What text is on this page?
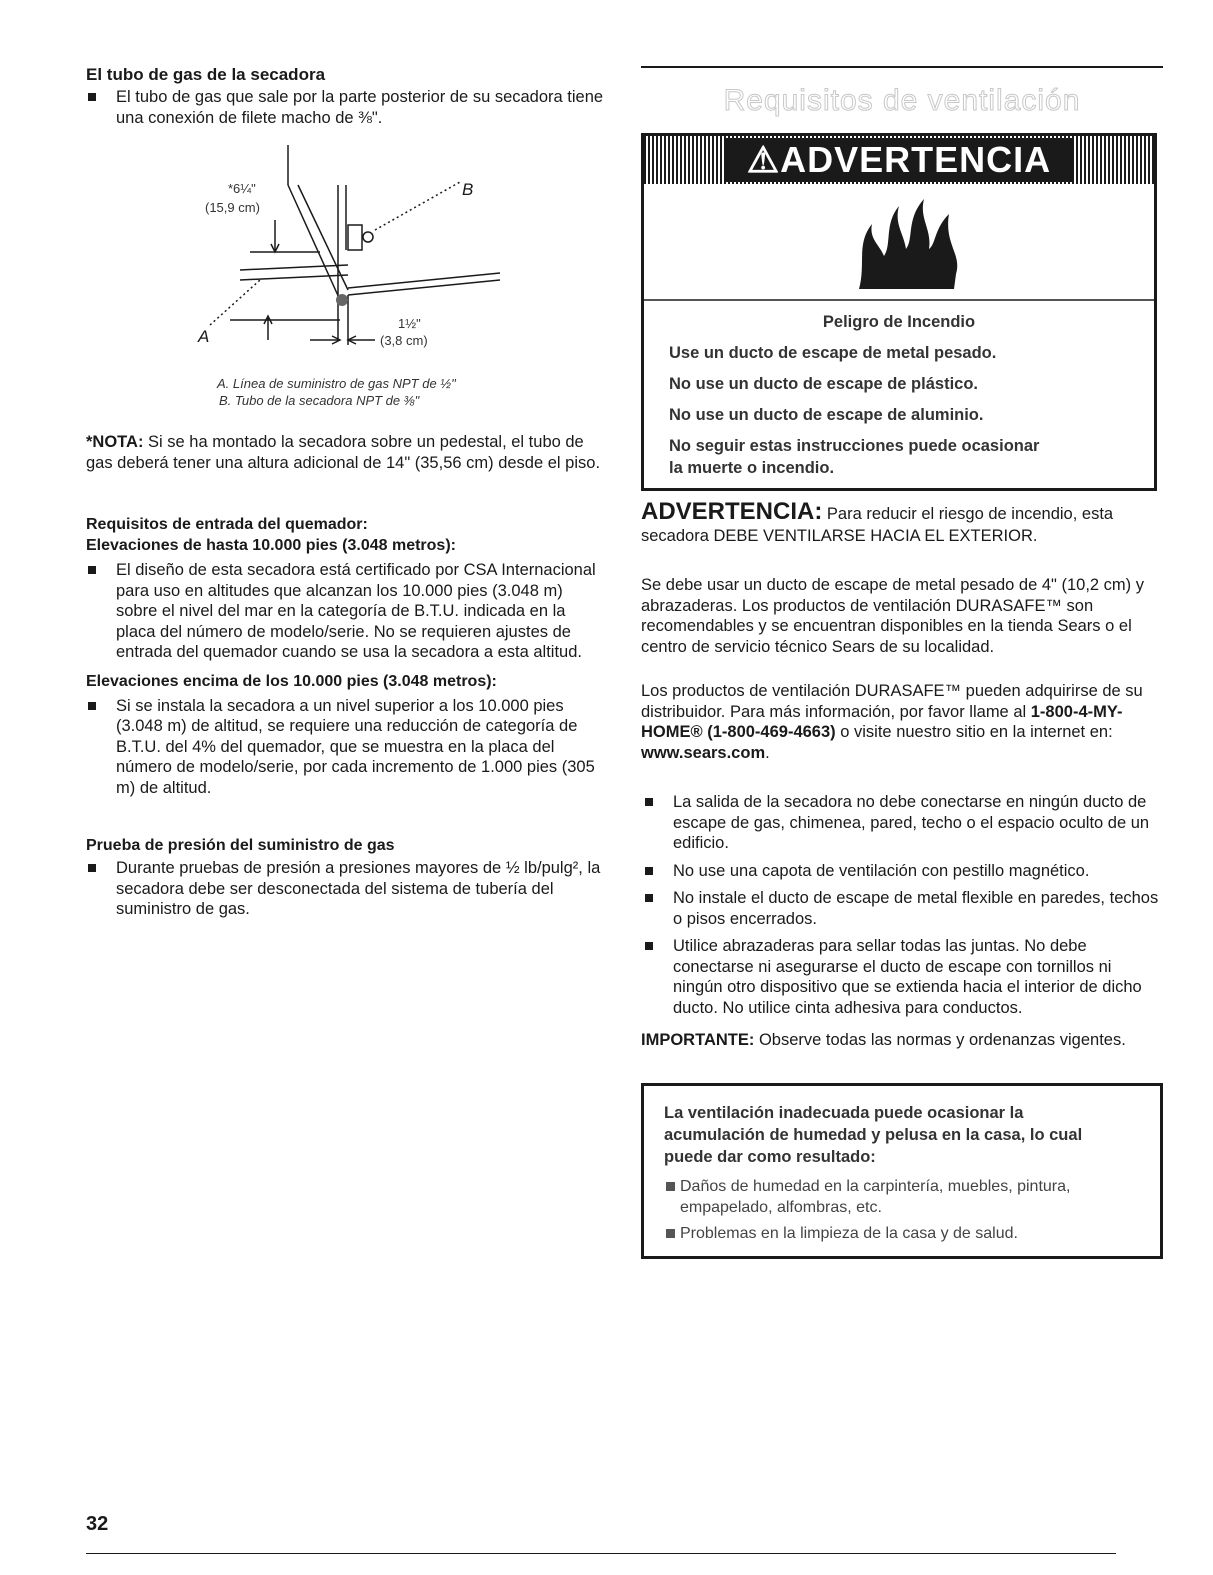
El tubo de gas de la secadora
El tubo de gas que sale por la parte posterior de su secadora tiene una conexión de filete macho de ⅜".
B
A
*6¼"
(15,9 cm)
1½"
(3,8 cm)
A. Línea de suministro de gas NPT de ½"
B. Tubo de la secadora NPT de ⅜"

*NOTA: Si se ha montado la secadora sobre un pedestal, el tubo de gas deberá tener una altura adicional de 14" (35,56 cm) desde el piso.

Requisitos de entrada del quemador:
Elevaciones de hasta 10.000 pies (3.048 metros):
El diseño de esta secadora está certificado por CSA Internacional para uso en altitudes que alcanzan los 10.000 pies (3.048 m) sobre el nivel del mar en la categoría de B.T.U. indicada en la placa del número de modelo/serie. No se requieren ajustes de entrada del quemador cuando se usa la secadora a esta altitud.
Elevaciones encima de los 10.000 pies (3.048 metros):
Si se instala la secadora a un nivel superior a los 10.000 pies (3.048 m) de altitud, se requiere una reducción de categoría de B.T.U. del 4% del quemador, que se muestra en la placa del número de modelo/serie, por cada incremento de 1.000 pies (305 m) de altitud.
Prueba de presión del suministro de gas
Durante pruebas de presión a presiones mayores de ½ lb/pulg², la secadora debe ser desconectada del sistema de tubería del suministro de gas.
Requisitos de ventilación
⚠ADVERTENCIA
Peligro de Incendio
Use un ducto de escape de metal pesado.
No use un ducto de escape de plástico.
No use un ducto de escape de aluminio.
No seguir estas instrucciones puede ocasionar
la muerte o incendio.

ADVERTENCIA: Para reducir el riesgo de incendio, esta secadora DEBE VENTILARSE HACIA EL EXTERIOR.

Se debe usar un ducto de escape de metal pesado de 4" (10,2 cm) y abrazaderas. Los productos de ventilación DURASAFE™ son recomendables y se encuentran disponibles en la tienda Sears o el centro de servicio técnico Sears de su localidad.

Los productos de ventilación DURASAFE™ pueden adquirirse de su distribuidor. Para más información, por favor llame al 1-800-4-MY-HOME® (1-800-469-4663) o visite nuestro sitio en la internet en: www.sears.com.

La salida de la secadora no debe conectarse en ningún ducto de escape de gas, chimenea, pared, techo o el espacio oculto de un edificio.
No use una capota de ventilación con pestillo magnético.
No instale el ducto de escape de metal flexible en paredes, techos o pisos encerrados.
Utilice abrazaderas para sellar todas las juntas. No debe conectarse ni asegurarse el ducto de escape con tornillos ni ningún otro dispositivo que se extienda hacia el interior de dicho ducto. No utilice cinta adhesiva para conductos.

IMPORTANTE: Observe todas las normas y ordenanzas vigentes.

La ventilación inadecuada puede ocasionar la
acumulación de humedad y pelusa en la casa, lo cual
puede dar como resultado:
Daños de humedad en la carpintería, muebles, pintura, empapelado, alfombras, etc.
Problemas en la limpieza de la casa y de salud.
32
